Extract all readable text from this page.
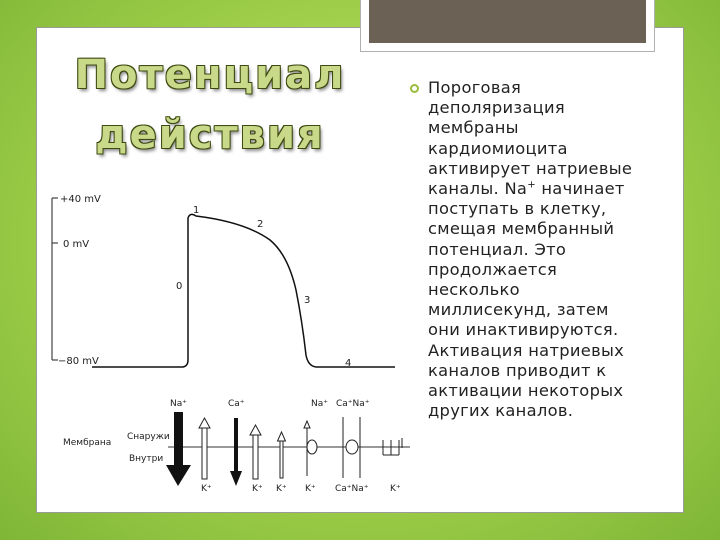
Потенциал
действия
Пороговая
деполяризация
мембраны
кардиомиоцита
активирует натриевые
каналы. Na+ начинает
поступать в клетку,
смещая мембранный
потенциал. Это
продолжается
несколько
миллисекунд, затем
они инактивируются.
Активация натриевых
каналов приводит к
активации некоторых
других каналов.
+40 mV
0 mV
−80 mV
1
2
0
3
4
Мембрана
Снаружи
Внутри
Na⁺	Ca⁺	Na⁺ Ca⁺Na⁺
K⁺	K⁺ K⁺ K⁺ Ca⁺Na⁺ K⁺
